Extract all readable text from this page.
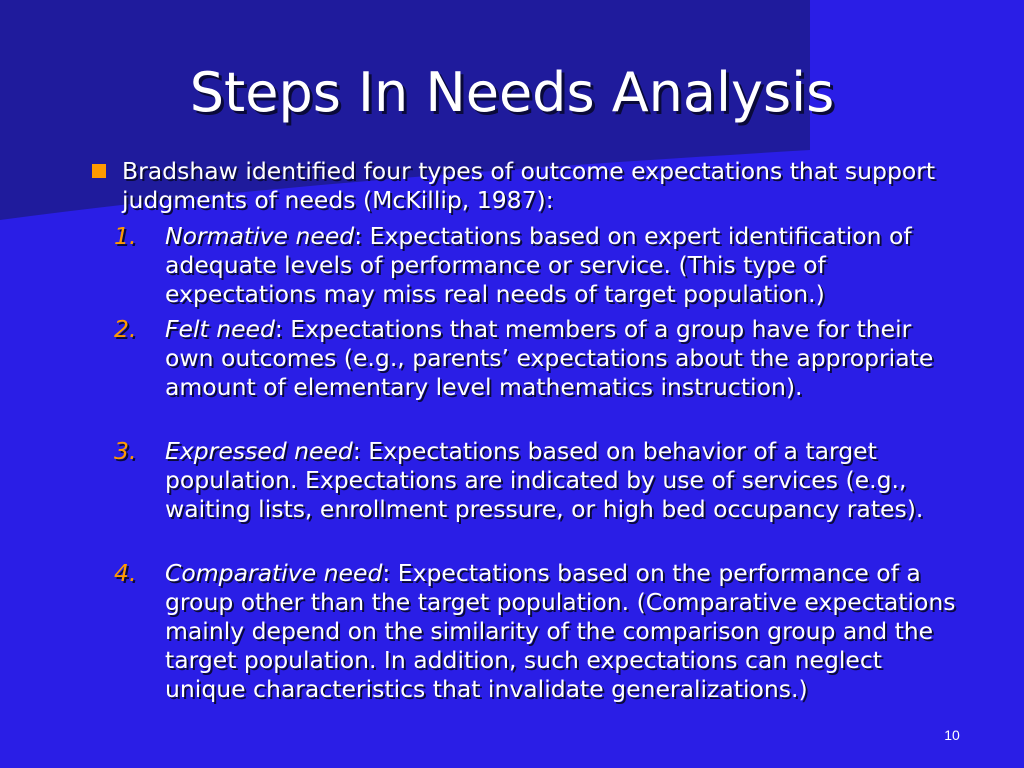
Steps In Needs Analysis
Bradshaw identified four types of outcome expectations that support judgments of needs (McKillip, 1987):
1. Normative need: Expectations based on expert identification of adequate levels of performance or service. (This type of expectations may miss real needs of target population.)
2. Felt need: Expectations that members of a group have for their own outcomes (e.g., parents’ expectations about the appropriate amount of elementary level mathematics instruction).
3. Expressed need: Expectations based on behavior of a target population. Expectations are indicated by use of services (e.g., waiting lists, enrollment pressure, or high bed occupancy rates).
4. Comparative need: Expectations based on the performance of a group other than the target population. (Comparative expectations mainly depend on the similarity of the comparison group and the target population. In addition, such expectations can neglect unique characteristics that invalidate generalizations.)
10
